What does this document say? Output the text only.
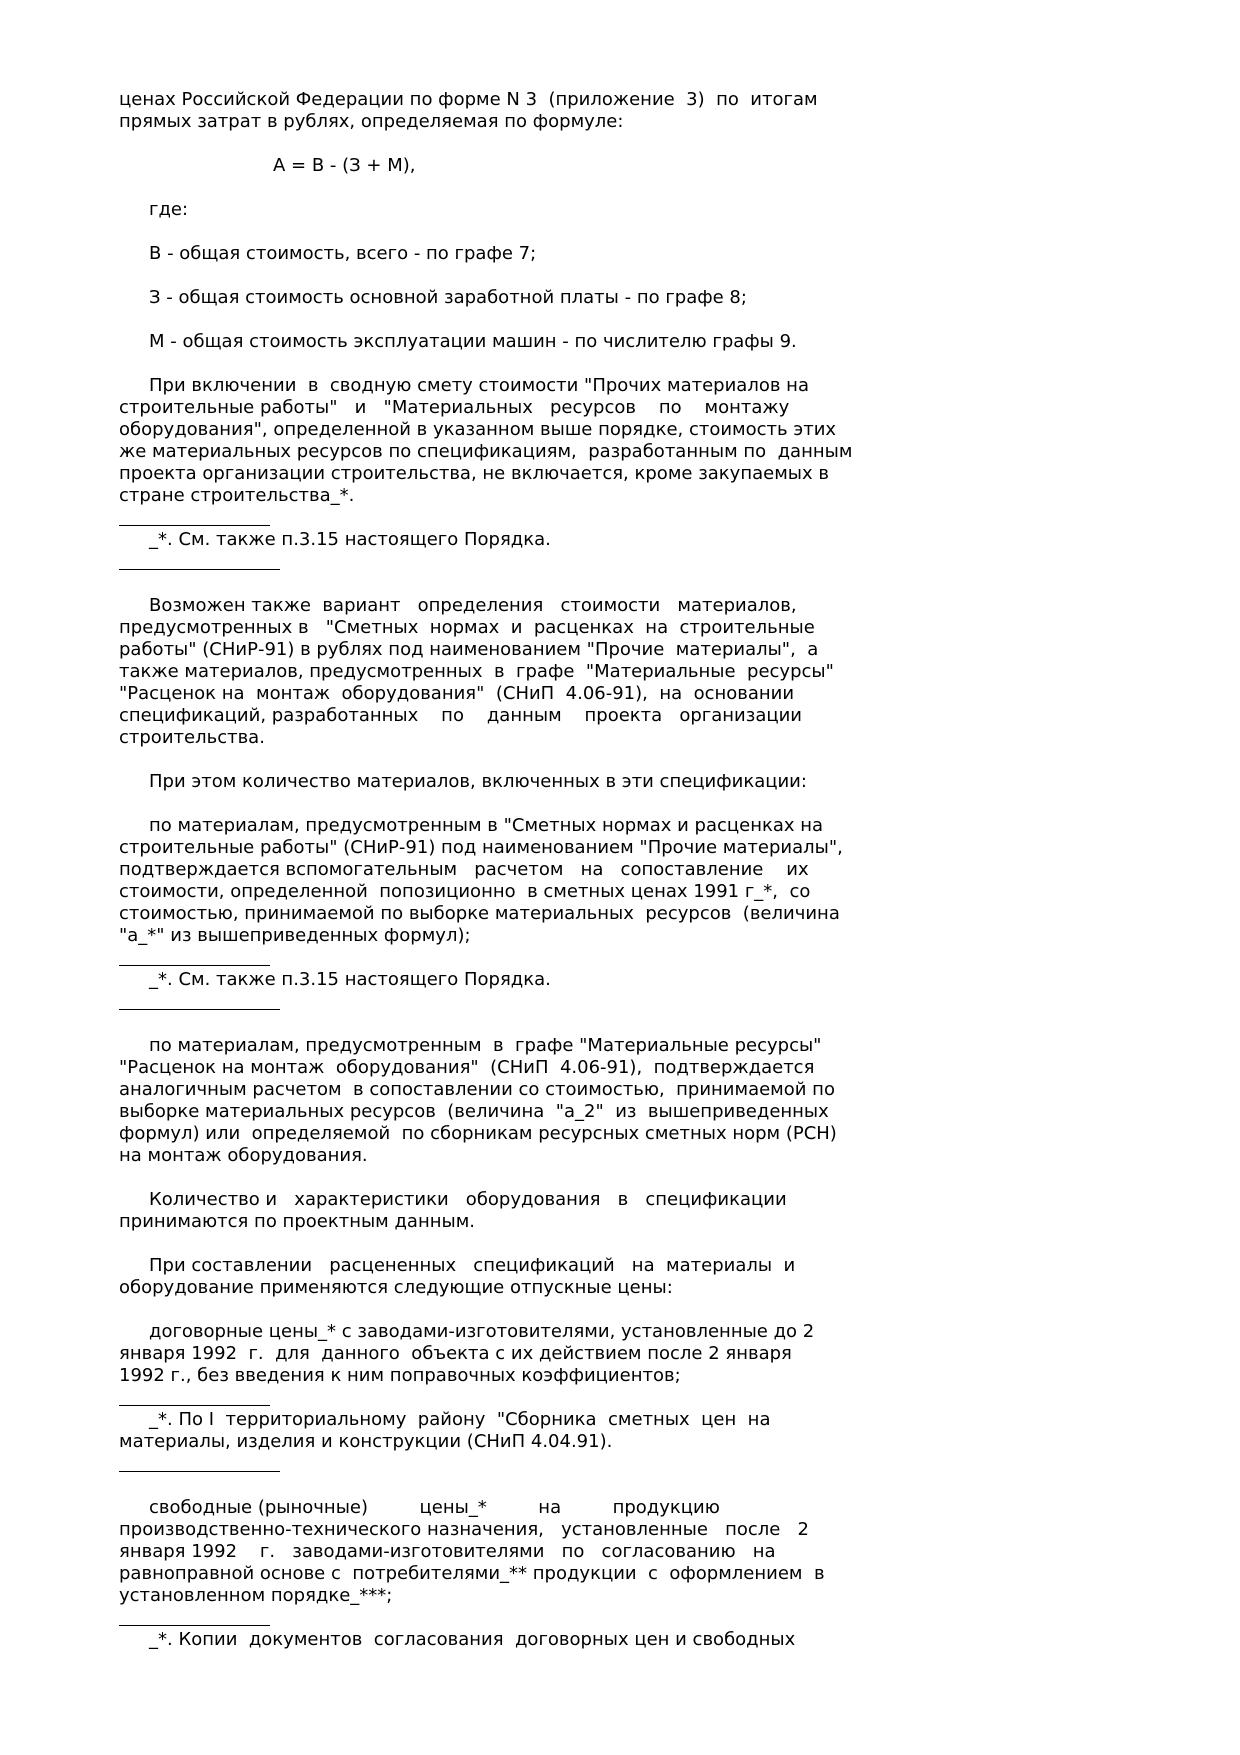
ценах Российской Федерации по форме N 3  (приложение  3)  по  итогам
прямых затрат в рублях, определяемая по формуле:
А = В - (З + М),
где:
В - общая стоимость, всего - по графе 7;
З - общая стоимость основной заработной платы - по графе 8;
М - общая стоимость эксплуатации машин - по числителю графы 9.
При включении  в  сводную смету стоимости "Прочих материалов на
строительные работы"   и   "Материальных   ресурсов    по    монтажу
оборудования", определенной в указанном выше порядке, стоимость этих
же материальных ресурсов по спецификациям,  разработанным по  данным
проекта организации строительства, не включается, кроме закупаемых в
стране строительства_*.
_*. См. также п.3.15 настоящего Порядка.
Возможен также  вариант   определения   стоимости   материалов,
предусмотренных в   "Сметных  нормах  и  расценках  на  строительные
работы" (СНиР-91) в рублях под наименованием "Прочие  материалы",  а
также материалов, предусмотренных  в  графе  "Материальные  ресурсы"
"Расценок на  монтаж  оборудования"  (СНиП  4.06-91),  на  основании
спецификаций, разработанных    по    данным    проекта   организации
строительства.
При этом количество материалов, включенных в эти спецификации:
по материалам, предусмотренным в "Сметных нормах и расценках на
строительные работы" (СНиР-91) под наименованием "Прочие материалы",
подтверждается вспомогательным   расчетом   на   сопоставление    их
стоимости, определенной  попозиционно  в сметных ценах 1991 г_*,  со
стоимостью, принимаемой по выборке материальных  ресурсов  (величина
"а_*" из вышеприведенных формул);
_*. См. также п.3.15 настоящего Порядка.
по материалам, предусмотренным  в  графе "Материальные ресурсы"
"Расценок на монтаж  оборудования"  (СНиП  4.06-91),  подтверждается
аналогичным расчетом  в сопоставлении со стоимостью,  принимаемой по
выборке материальных ресурсов  (величина  "а_2"  из  вышеприведенных
формул) или  определяемой  по сборникам ресурсных сметных норм (РСН)
на монтаж оборудования.
Количество и   характеристики   оборудования   в   спецификации
принимаются по проектным данным.
При составлении   расцененных   спецификаций   на  материалы  и
оборудование применяются следующие отпускные цены:
договорные цены_* с заводами-изготовителями, установленные до 2
января 1992  г.  для  данного  объекта с их действием после 2 января
1992 г., без введения к ним поправочных коэффициентов;
_*. По I  территориальному  району  "Сборника  сметных  цен  на
материалы, изделия и конструкции (СНиП 4.04.91).
свободные (рыночные)         цены_*         на         продукцию
производственно-технического назначения,   установленные   после   2
января 1992    г.   заводами-изготовителями   по   согласованию   на
равноправной основе с  потребителями_** продукции  с  оформлением  в
установленном порядке_***;
_*. Копии  документов  согласования  договорных цен и свободных
